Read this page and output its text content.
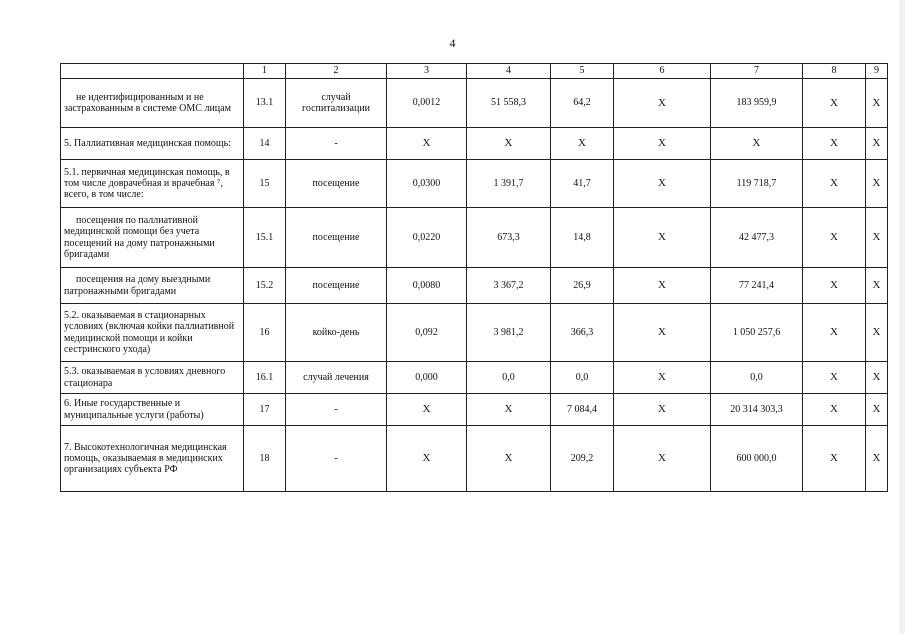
4
	1	2	3	4	5	6	7	8	9
не идентифицированным и не застрахованным в системе ОМС лицам	13.1	случай госпитализации	0,0012	51 558,3	64,2	X	183 959,9	X	X
5. Паллиативная медицинская помощь:	14	-	X	X	X	X	X	X	X
5.1. первичная медицинская помощь, в том числе доврачебная и врачебная ⁷, всего, в том числе:	15	посещение	0,0300	1 391,7	41,7	X	119 718,7	X	X
посещения по паллиативной медицинской помощи без учета посещений на дому патронажными бригадами	15.1	посещение	0,0220	673,3	14,8	X	42 477,3	X	X
посещения на дому выездными патронажными бригадами	15.2	посещение	0,0080	3 367,2	26,9	X	77 241,4	X	X
5.2. оказываемая в стационарных условиях (включая койки паллиативной медицинской помощи и койки сестринского ухода)	16	койко-день	0,092	3 981,2	366,3	X	1 050 257,6	X	X
5.3. оказываемая в условиях дневного стационара	16.1	случай лечения	0,000	0,0	0,0	X	0,0	X	X
6. Иные государственные и муниципальные услуги (работы)	17	-	X	X	7 084,4	X	20 314 303,3	X	X
7. Высокотехнологичная медицинская помощь, оказываемая в медицинских организациях субъекта РФ	18	-	X	X	209,2	X	600 000,0	X	X
